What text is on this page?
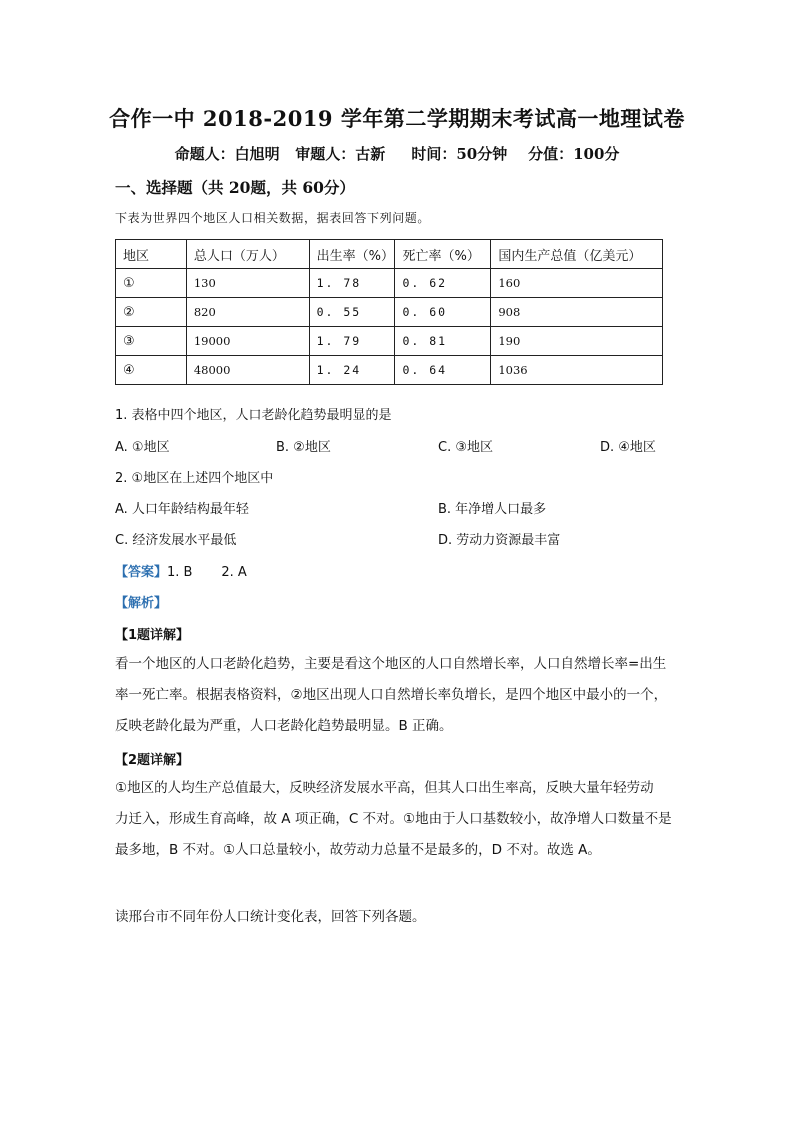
合作一中 2018-2019 学年第二学期期末考试高一地理试卷
命题人：白旭明   审题人：古新     时间：50分钟    分值：100分
一、选择题（共 20题，共 60分）
下表为世界四个地区人口相关数据，据表回答下列问题。
地区	总人口（万人）	出生率（%）	死亡率（%）	国内生产总值（亿美元）
①	130	1. 78	0. 62	160
②	820	0. 55	0. 60	908
③	19000	1. 79	0. 81	190
④	48000	1. 24	0. 64	1036
1. 表格中四个地区，人口老龄化趋势最明显的是
A. ①地区	B. ②地区	C. ③地区	D. ④地区
2. ①地区在上述四个地区中
A. 人口年龄结构最年轻	B. 年净增人口最多
C. 经济发展水平最低	D. 劳动力资源最丰富
【答案】1. B       2. A
【解析】
【1题详解】
看一个地区的人口老龄化趋势，主要是看这个地区的人口自然增长率，人口自然增长率=出生
率一死亡率。根据表格资料，②地区出现人口自然增长率负增长，是四个地区中最小的一个，
反映老龄化最为严重，人口老龄化趋势最明显。B 正确。
【2题详解】
①地区的人均生产总值最大，反映经济发展水平高，但其人口出生率高，反映大量年轻劳动
力迁入，形成生育高峰，故 A 项正确，C 不对。①地由于人口基数较小，故净增人口数量不是
最多地，B 不对。①人口总量较小，故劳动力总量不是最多的，D 不对。故选 A。
读邢台市不同年份人口统计变化表，回答下列各题。
